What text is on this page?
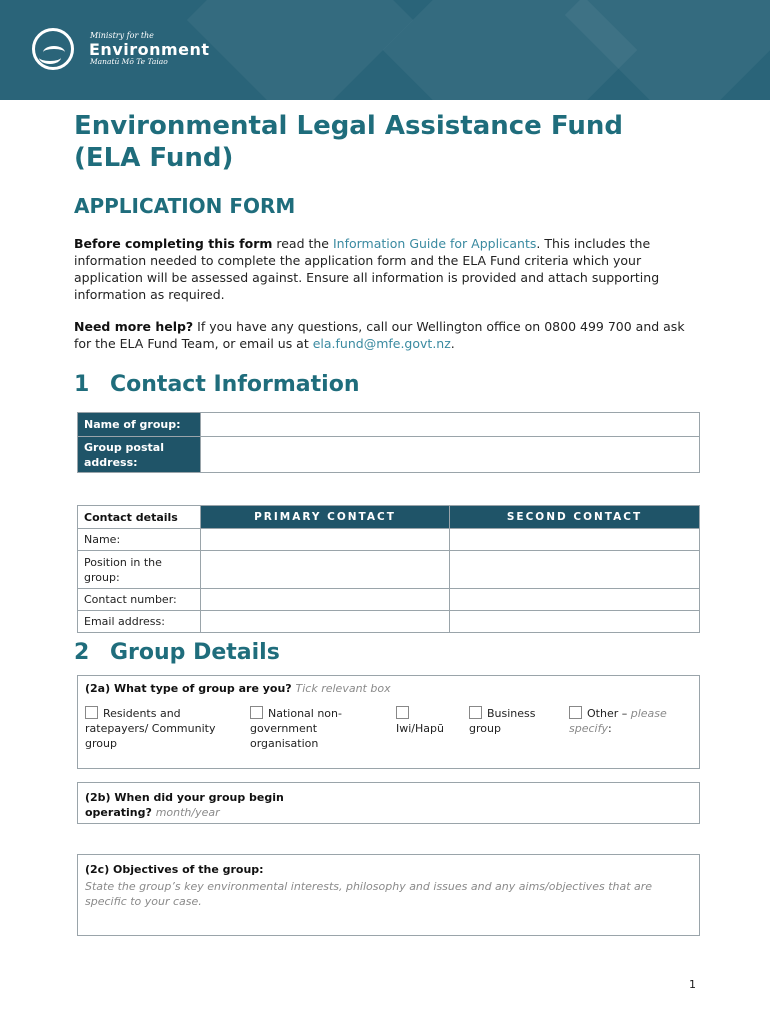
Ministry for the
Environment
Manatū Mō Te Taiao
Environmental Legal Assistance Fund
(ELA Fund)
APPLICATION FORM
Before completing this form read the Information Guide for Applicants. This includes the information needed to complete the application form and the ELA Fund criteria which your application will be assessed against. Ensure all information is provided and attach supporting information as required.
Need more help? If you have any questions, call our Wellington office on 0800 499 700 and ask for the ELA Fund Team, or email us at ela.fund@mfe.govt.nz.
1 Contact Information
Name of group:	
Group postal address:	
Contact details	PRIMARY CONTACT	SECOND CONTACT
Name:		
Position in the group:		
Contact number:		
Email address:		
2 Group Details
(2a) What type of group are you? Tick relevant box
Residents and ratepayers/ Community group
National non-government organisation

Iwi/Hapū
Business group
Other – please specify:
(2b) When did your group begin
operating? month/year
(2c) Objectives of the group:
State the group’s key environmental interests, philosophy and issues and any aims/objectives that are specific to your case.
1
